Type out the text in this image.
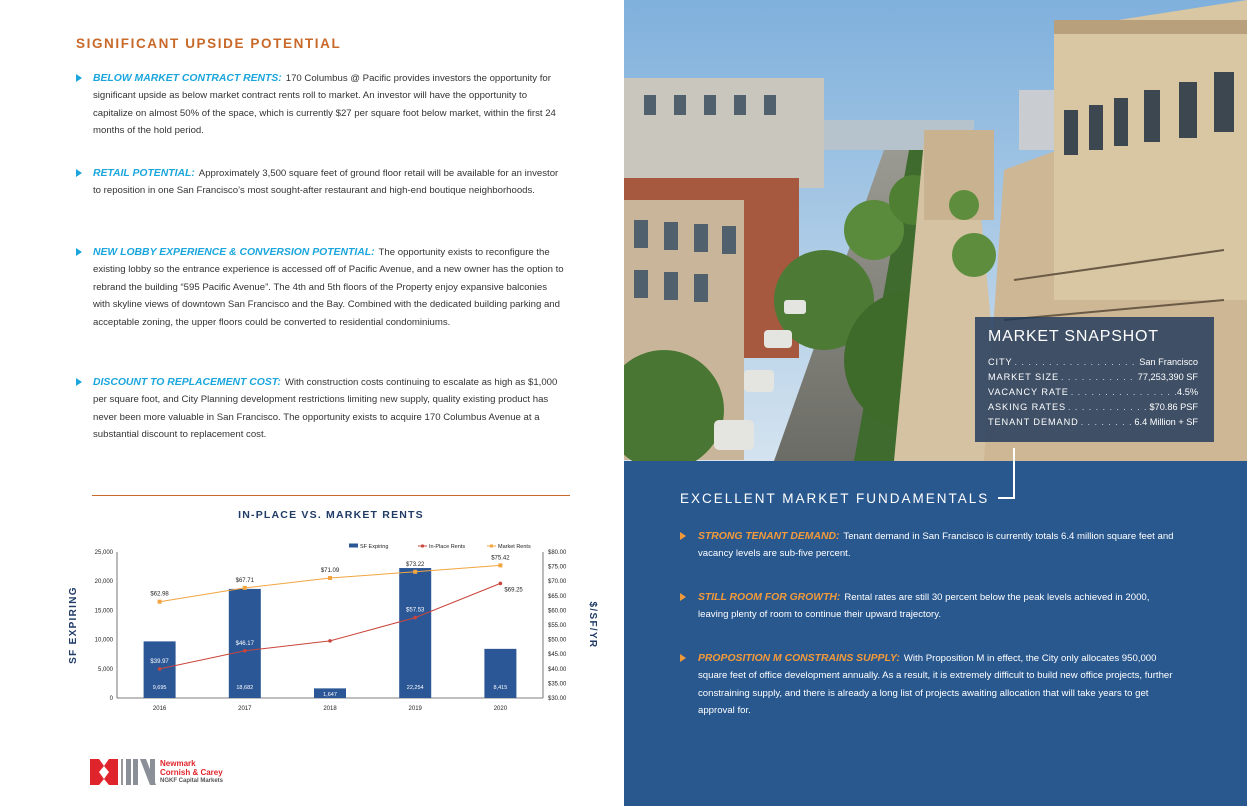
SIGNIFICANT UPSIDE POTENTIAL
BELOW MARKET CONTRACT RENTS: 170 Columbus @ Pacific provides investors the opportunity for significant upside as below market contract rents roll to market. An investor will have the opportunity to capitalize on almost 50% of the space, which is currently $27 per square foot below market, within the first 24 months of the hold period.
RETAIL POTENTIAL: Approximately 3,500 square feet of ground floor retail will be available for an investor to reposition in one San Francisco’s most sought-after restaurant and high-end boutique neighborhoods.
NEW LOBBY EXPERIENCE & CONVERSION POTENTIAL: The opportunity exists to reconfigure the existing lobby so the entrance experience is accessed off of Pacific Avenue, and a new owner has the option to rebrand the building “595 Pacific Avenue”. The 4th and 5th floors of the Property enjoy expansive balconies with skyline views of downtown San Francisco and the Bay. Combined with the dedicated building parking and acceptable zoning, the upper floors could be converted to residential condominiums.
DISCOUNT TO REPLACEMENT COST: With construction costs continuing to escalate as high as $1,000 per square foot, and City Planning development restrictions limiting new supply, quality existing product has never been more valuable in San Francisco. The opportunity exists to acquire 170 Columbus Avenue at a substantial discount to replacement cost.
IN-PLACE VS. MARKET RENTS
0
5,000
10,000
15,000
20,000
25,000
$30.00
$35.00
$40.00
$45.00
$50.00
$55.00
$60.00
$65.00
$70.00
$75.00
$80.00
2016	2017	2018	2019	2020
SF EXPIRING	$/SF/YR
9,695	18,682
1,647
22,254	8,415
$39.97
$46.17
$49.56
$57.53
$69.25
$62.98
$67.71
$71.09
$73.22
$75.42
SF Expiring	In-Place Rents	Market Rents
Newmark
Cornish & Carey
NGKF Capital Markets
MARKET SNAPSHOT
CITY . . .	San Francisco
MARKET SIZE . . .	77,253,390 SF
VACANCY RATE . . .	4.5%
ASKING RATES . . .	$70.86 PSF
TENANT DEMAND . . .	6.4 Million + SF
EXCELLENT MARKET FUNDAMENTALS
STRONG TENANT DEMAND: Tenant demand in San Francisco is currently totals 6.4 million square feet and vacancy levels are sub-five percent.
STILL ROOM FOR GROWTH: Rental rates are still 30 percent below the peak levels achieved in 2000, leaving plenty of room to continue their upward trajectory.
PROPOSITION M CONSTRAINS SUPPLY: With Proposition M in effect, the City only allocates 950,000 square feet of office development annually. As a result, it is extremely difficult to build new office projects, further constraining supply, and there is already a long list of projects awaiting allocation that will take years to get approval for.
